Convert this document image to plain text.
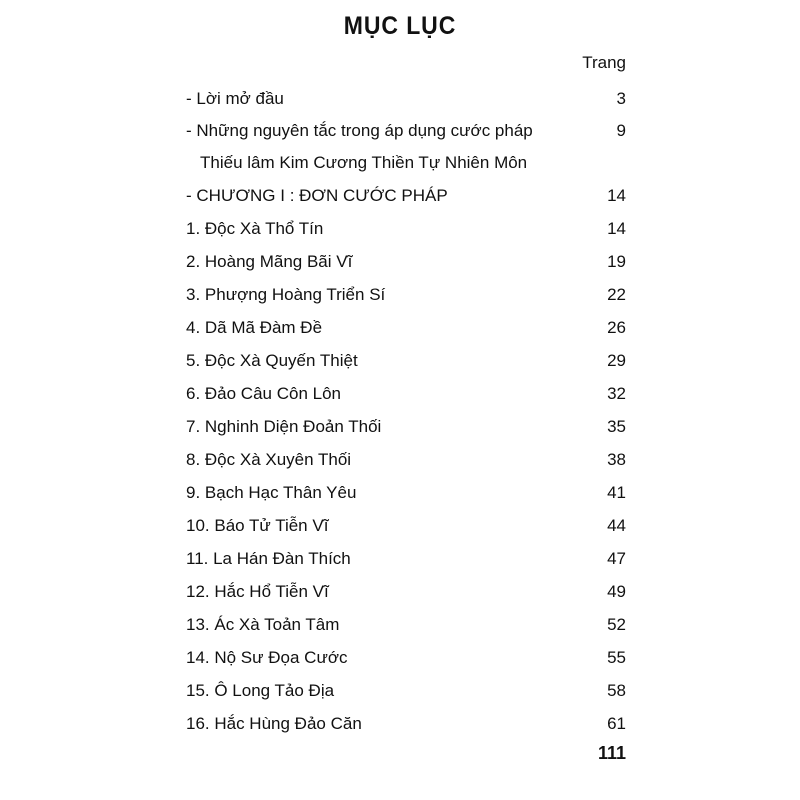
MỤC LỤC
Trang
- Lời mở đầu	3
- Những nguyên tắc trong áp dụng cước pháp	9
Thiếu lâm Kim Cương Thiền Tự Nhiên Môn
- CHƯƠNG I : ĐƠN CƯỚC PHÁP	14
1. Độc Xà Thổ Tín	14
2. Hoàng Mãng Bãi Vĩ	19
3. Phượng Hoàng Triển Sí	22
4. Dã Mã Đàm Đề	26
5. Độc Xà Quyến Thiệt	29
6. Đảo Câu Côn Lôn	32
7. Nghinh Diện Đoản Thối	35
8. Độc Xà Xuyên Thối	38
9. Bạch Hạc Thân Yêu	41
10. Báo Tử Tiễn Vĩ	44
11. La Hán Đàn Thích	47
12. Hắc Hổ Tiễn Vĩ	49
13. Ác Xà Toản Tâm	52
14. Nộ Sư Đọa Cước	55
15. Ô Long Tảo Địa	58
16. Hắc Hùng Đảo Căn	61
111
